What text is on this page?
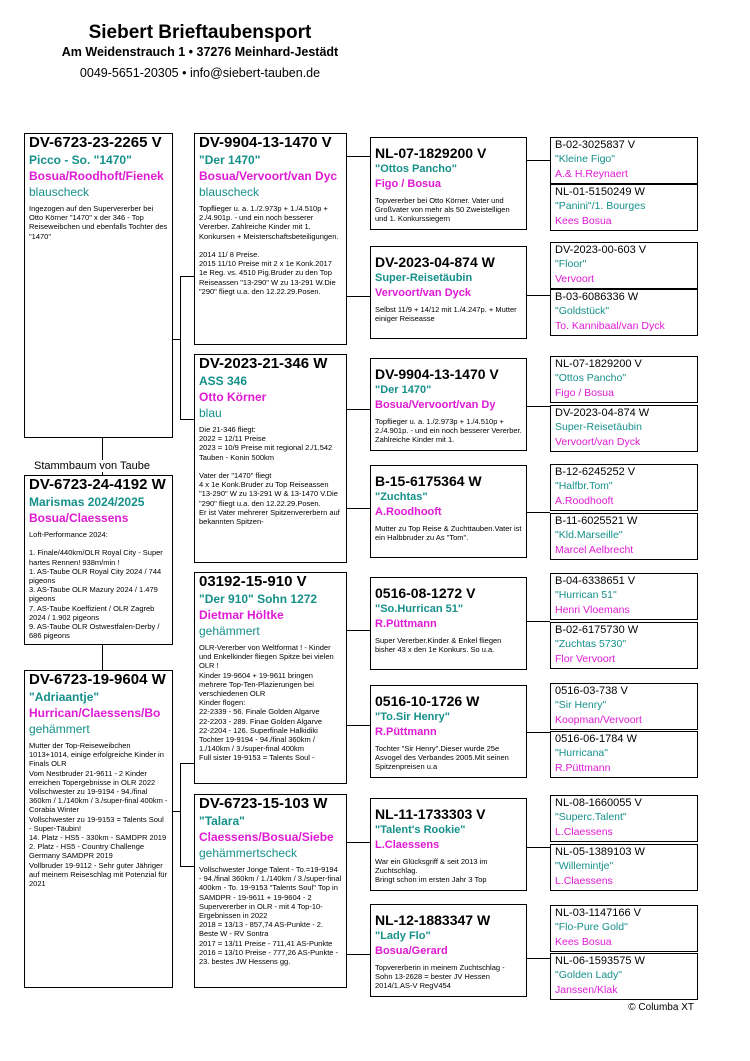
Siebert Brieftaubensport
Am Weidenstrauch 1 • 37276 Meinhard-Jestädt
0049-5651-20305 • info@siebert-tauben.de
DV-6723-23-2265 V
Picco - So. "1470"
Bosua/Roodhoft/Fienek
blauscheck
Ingezogen auf den Supervererber bei Otto Körner "1470" x der 346 - Top Reiseweibchen und ebenfalls Tochter des "1470"
Stammbaum von Taube
DV-6723-24-4192 W
Marismas 2024/2025
Bosua/Claessens
Loft-Performance 2024:

1. Finale/440km/OLR Royal City - Super hartes Rennen! 938m/min !
1. AS-Taube OLR Royal City 2024 / 744 pigeons
3. AS-Taube OLR Mazury 2024 / 1.479 pigeons
7. AS-Taube Koeffizient / OLR Zagreb 2024 / 1.902 pigeons
9. AS-Taube OLR Ostwestfalen-Derby / 686 pigeons
DV-6723-19-9604 W
"Adriaantje"
Hurrican/Claessens/Bo
gehämmert
Mutter der Top-Reiseweibchen 1013+1014, einige erfolgreiche Kinder in Finals OLR
Vom Nestbruder 21-9611 - 2 Kinder erreichen Topergebnisse in OLR 2022
Vollschwester zu 19-9194 - 94./final 360km / 1./140km / 3./super-final 400km - Corabia Winter
Vollschwester zu 19-9153 = Talents Soul - Super-Täubin!
14. Platz - HS5 - 330km - SAMDPR 2019
2. Platz - HS5 - Country Challenge Germany SAMDPR 2019
Vollbruder 19-9112 - Sehr guter Jähriger auf meinem Reiseschlag mit Potenzial für 2021
DV-9904-13-1470 V
"Der 1470"
Bosua/Vervoort/van Dyc
blauscheck
Topflieger u. a. 1./2.973p + 1./4.510p + 2./4.901p. - und ein noch besserer Vererber. Zahlreiche Kinder mit 1. Konkursen + Meisterschaftsbeteiligungen.

2014 11/ 8 Preise.
2015 11/10 Preise mit 2 x 1e Konk.2017 1e Reg. vs. 4510 Pig.Bruder zu den Top Reiseassen "13-290" W zu 13-291 W.Die "290" fliegt u.a. den 12.22.29.Posen.
DV-2023-21-346 W
ASS 346
Otto Körner
blau
Die 21-346 fliegt:
2022 = 12/11 Preise
2023 = 10/9 Preise mit regional 2./1.542 Tauben - Konin 500km

Vater der "1470" fliegt
4 x 1e Konk.Bruder zu Top Reiseassen "13-290" W zu 13-291 W & 13-1470 V.Die "290" fliegt u.a. den 12.22.29.Posen.
Er ist Vater mehrerer Spitzenvererbern auf bekannten Spitzen-
03192-15-910 V
"Der 910" Sohn 1272
Dietmar Höltke
gehämmert
OLR-Vererber von Weltformat ! - Kinder und Enkelkinder fliegen Spitze bei vielen OLR !
Kinder 19-9604 + 19-9611 bringen mehrere Top-Ten-Plazierungen bei verschiedenen OLR
Kinder flogen:
22-2339 - 56. Finale Golden Algarve
22-2203 - 289. Finae Golden Algarve
22-2204 - 126. Superfinale Halkidiki
Tochter 19-9194 - 94./final 360km / 1./140km / 3./super-final 400km
Full sister 19-9153 = Talents Soul -
DV-6723-15-103 W
"Talara"
Claessens/Bosua/Siebe
gehämmertscheck
Vollschwester Jonge Talent - To.=19-9194 - 94./final 360km / 1./140km / 3./super-final 400km - To. 19-9153 "Talents Soul" Top in SAMDPR - 19-9611 + 19-9604 - 2 Supervererber in OLR - mit 4 Top-10-Ergebnissen in 2022
2018 = 13/13 - 857,74 AS-Punkte - 2. Beste W - RV Sontra
2017 = 13/11 Preise - 711,41 AS-Punkte
2016 = 13/10 Preise - 777,26 AS-Punkte - 23. bestes JW Hessens gg.
NL-07-1829200 V
"Ottos Pancho"
Figo / Bosua
Topvererber bei Otto Körner. Vater und Großvater von mehr als 50 Zweistelligen und 1. Konkurssiegern
DV-2023-04-874 W
Super-Reisetäubin
Vervoort/van Dyck
Selbst 11/9 + 14/12 mit 1./4.247p. + Mutter einiger Reiseasse
DV-9904-13-1470 V
"Der 1470"
Bosua/Vervoort/van Dy
Topflieger u. a. 1./2.973p + 1./4.510p + 2./4.901p. - und ein noch besserer Vererber. Zahlreiche Kinder mit 1.
B-15-6175364 W
"Zuchtas"
A.Roodhooft
Mutter zu Top Reise & Zuchttauben.Vater ist ein Halbbruder zu As "Tom".
0516-08-1272 V
"So.Hurrican 51"
R.Püttmann
Super Vererber.Kinder & Enkel fliegen bisher 43 x den 1e Konkurs. So u.a.
0516-10-1726 W
"To.Sir Henry"
R.Püttmann
Tochter "Sir Henry".Dieser wurde 25e Asvogel des Verbandes 2005.Mit seinen Spitzenpreisen u.a
NL-11-1733303 V
"Talent's Rookie"
L.Claessens
War ein Glücksgriff & seit 2013 im Zuchtschlag.
Bringt schon im ersten Jahr 3 Top
NL-12-1883347 W
"Lady Flo"
Bosua/Gerard
Topvererberin in meinem Zuchtschlag - Sohn 13-2628 = bester JV Hessen 2014/1.AS-V RegV454
B-02-3025837 V
"Kleine Figo"
A.& H.Reynaert
NL-01-5150249 W
"Panini"/1. Bourges
Kees Bosua
DV-2023-00-603 V
"Floor"
Vervoort
B-03-6086336 W
"Goldstück"
To. Kannibaal/van Dyck
NL-07-1829200 V
"Ottos Pancho"
Figo / Bosua
DV-2023-04-874 W
Super-Reisetäubin
Vervoort/van Dyck
B-12-6245252 V
"Halfbr.Tom"
A.Roodhooft
B-11-6025521 W
"Kld.Marseille"
Marcel Aelbrecht
B-04-6338651 V
"Hurrican 51"
Henri Vloemans
B-02-6175730 W
"Zuchtas 5730"
Flor Vervoort
0516-03-738 V
"Sir Henry"
Koopman/Vervoort
0516-06-1784 W
"Hurricana"
R.Püttmann
NL-08-1660055 V
"Superc.Talent"
L.Claessens
NL-05-1389103 W
"Willemintje"
L.Claessens
NL-03-1147166 V
"Flo-Pure Gold"
Kees Bosua
NL-06-1593575 W
"Golden Lady"
Janssen/Klak
© Columba XT
